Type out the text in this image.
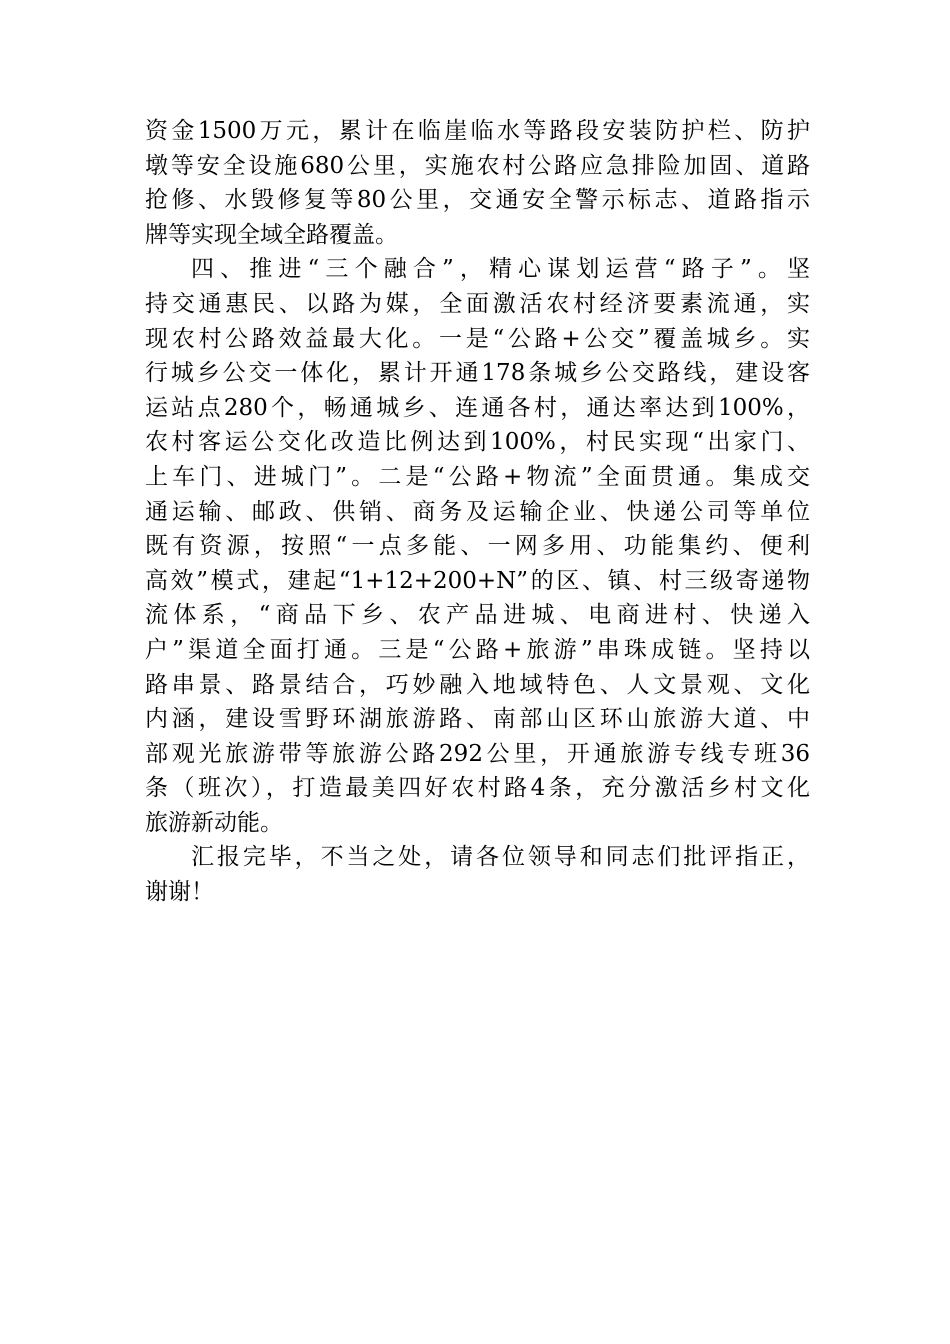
资金1500万元，累计在临崖临水等路段安装防护栏、防护
墩等安全设施680公里，实施农村公路应急排险加固、道路
抢修、水毁修复等80公里，交通安全警示标志、道路指示
牌等实现全域全路覆盖。
四、推进“三个融合”，精心谋划运营“路子”。坚
持交通惠民、以路为媒，全面激活农村经济要素流通，实
现农村公路效益最大化。一是“公路+公交”覆盖城乡。实
行城乡公交一体化，累计开通178条城乡公交路线，建设客
运站点280个，畅通城乡、连通各村，通达率达到100%，
农村客运公交化改造比例达到100%，村民实现“出家门、
上车门、进城门”。二是“公路+物流”全面贯通。集成交
通运输、邮政、供销、商务及运输企业、快递公司等单位
既有资源，按照“一点多能、一网多用、功能集约、便利
高效”模式，建起“1+12+200+N”的区、镇、村三级寄递物
流体系，“商品下乡、农产品进城、电商进村、快递入
户”渠道全面打通。三是“公路+旅游”串珠成链。坚持以
路串景、路景结合，巧妙融入地域特色、人文景观、文化
内涵，建设雪野环湖旅游路、南部山区环山旅游大道、中
部观光旅游带等旅游公路292公里，开通旅游专线专班36
条（班次），打造最美四好农村路4条，充分激活乡村文化
旅游新动能。
汇报完毕，不当之处，请各位领导和同志们批评指正，
谢谢！
